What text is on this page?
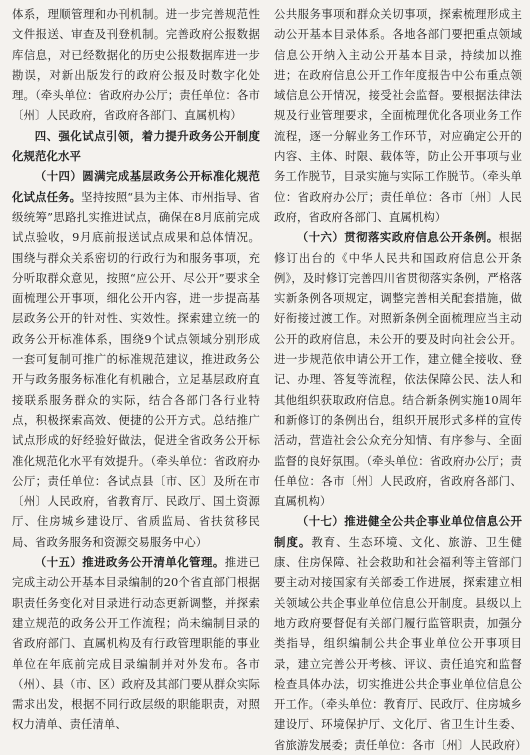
体系，理顺管理和办刊机制。进一步完善规范性文件报送、审查及刊登机制。完善政府公报数据库信息，对已经数据化的历史公报数据库进一步勘误，对新出版发行的政府公报及时数字化处理。（牵头单位：省政府办公厅；责任单位：各市〔州〕人民政府，省政府各部门、直属机构）

四、强化试点引领，着力提升政务公开制度化规范化水平

（十四）圆满完成基层政务公开标准化规范化试点任务。坚持按照“县为主体、市州指导、省级统筹”思路扎实推进试点，确保在8月底前完成试点验收，9月底前报送试点成果和总体情况。围绕与群众关系密切的行政行为和服务事项，充分听取群众意见，按照“应公开、尽公开”要求全面梳理公开事项，细化公开内容，进一步提高基层政务公开的针对性、实效性。探索建立统一的政务公开标准体系，围绕9个试点领域分别形成一套可复制可推广的标准规范建议，推进政务公开与政务服务标准化有机融合，立足基层政府直接联系服务群众的实际，结合各部门各行业特点，积极探索高效、便捷的公开方式。总结推广试点形成的好经验好做法，促进全省政务公开标准化规范化水平有效提升。（牵头单位：省政府办公厅；责任单位：各试点县〔市、区〕及所在市〔州〕人民政府，省教育厅、民政厅、国土资源厅、住房城乡建设厅、省质监局、省扶贫移民局、省政务服务和资源交易服务中心）

（十五）推进政务公开清单化管理。推进已完成主动公开基本目录编制的20个省直部门根据职责任务变化对目录进行动态更新调整，并探索建立规范的政务公开工作流程；尚未编制目录的省政府部门、直属机构及有行政管理职能的事业单位在年底前完成目录编制并对外发布。各市（州）、县（市、区）政府及其部门要从群众实际需求出发，根据不同行政层级的职能职责，对照权力清单、责任清单、

公共服务事项和群众关切事项，探索梳理形成主动公开基本目录体系。各地各部门要把重点领域信息公开纳入主动公开基本目录，持续加以推进；在政府信息公开工作年度报告中公布重点领域信息公开情况，接受社会监督。要根据法律法规及行业管理要求，全面梳理优化各项业务工作流程，逐一分解业务工作环节，对应确定公开的内容、主体、时限、载体等，防止公开事项与业务工作脱节，目录实施与实际工作脱节。（牵头单位：省政府办公厅；责任单位：各市〔州〕人民政府，省政府各部门、直属机构）

（十六）贯彻落实政府信息公开条例。根据修订出台的《中华人民共和国政府信息公开条例》，及时修订完善四川省贯彻落实条例，严格落实新条例各项规定，调整完善相关配套措施，做好衔接过渡工作。对照新条例全面梳理应当主动公开的政府信息，未公开的要及时向社会公开。进一步规范依申请公开工作，建立健全接收、登记、办理、答复等流程，依法保障公民、法人和其他组织获取政府信息。结合新条例实施10周年和新修订的条例出台，组织开展形式多样的宣传活动，营造社会公众充分知情、有序参与、全面监督的良好氛围。（牵头单位：省政府办公厅；责任单位：各市〔州〕人民政府，省政府各部门、直属机构）

（十七）推进健全公共企事业单位信息公开制度。教育、生态环境、文化、旅游、卫生健康、住房保障、社会救助和社会福利等主管部门要主动对接国家有关部委工作进展，探索建立相关领域公共企事业单位信息公开制度。县级以上地方政府要督促有关部门履行监管职责，加强分类指导，组织编制公共企事业单位公开事项目录，建立完善公开考核、评议、责任追究和监督检查具体办法，切实推进公共企事业单位信息公开工作。（牵头单位：教育厅、民政厅、住房城乡建设厅、环境保护厅、文化厅、省卫生计生委、省旅游发展委；责任单位：各市〔州〕人民政府）
